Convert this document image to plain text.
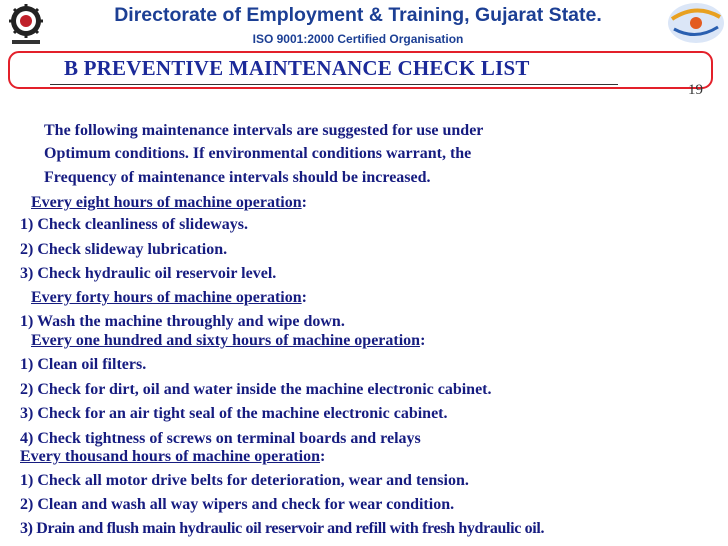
Directorate of Employment & Training, Gujarat State.
ISO 9001:2000 Certified Organisation
B PREVENTIVE MAINTENANCE CHECK LIST
19
The following maintenance intervals are suggested for use under
Optimum conditions. If environmental conditions warrant, the
Frequency of maintenance intervals should be increased.
Every eight hours of machine operation:
1) Check cleanliness of slideways.
2) Check slideway lubrication.
3) Check hydraulic oil reservoir level.
Every forty hours of machine operation:
1) Wash the machine throughly and wipe down.
Every one hundred and sixty hours of machine operation:
1) Clean oil filters.
2) Check for dirt, oil and water inside the machine electronic cabinet.
3) Check for an air tight seal of the machine electronic cabinet.
4) Check tightness of screws on terminal boards and relays
Every thousand hours of machine operation:
1) Check all motor drive belts for deterioration, wear and tension.
2) Clean and wash all way wipers and check for wear condition.
3) Drain and flush main hydraulic oil reservoir and refill with fresh hydraulic oil.
